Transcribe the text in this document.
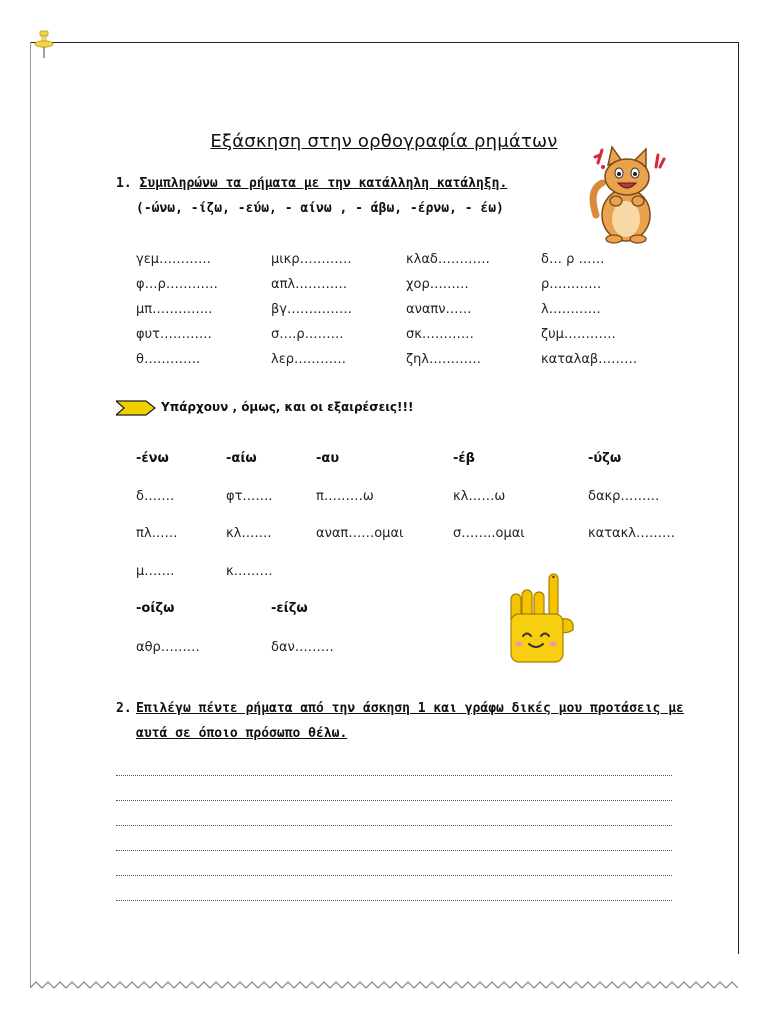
Εξάσκηση στην ορθογραφία ρημάτων
1. Συμπληρώνω τα ρήματα με την κατάλληλη κατάληξη.
(-ώνω, -ίζω, -εύω, - αίνω , - άβω, -έρνω, - έω)
γεμ…………	μικρ…………	κλαδ…………	δ… ρ ……
φ…ρ…………	απλ…………	χορ………	ρ…………
μπ…………..	βγ……………	αναπν……	λ…………
φυτ…………	σ….ρ………	σκ…………	ζυμ…………
θ………….	λερ…………	ζηλ…………	καταλαβ………
Υπάρχουν , όμως, και οι εξαιρέσεις!!!
-ένω	-αίω	-αυ	-έβ	-ύζω
δ…….	φτ…….	π………ω	κλ……ω	δακρ………
πλ……	κλ…….	αναπ……ομαι	σ……..ομαι	κατακλ………
μ…….	κ………
-οίζω	-είζω
αθρ………	δαν………
2. Επιλέγω πέντε ρήματα από την άσκηση 1 και γράφω δικές μου προτάσεις με
αυτά σε όποιο πρόσωπο θέλω.
